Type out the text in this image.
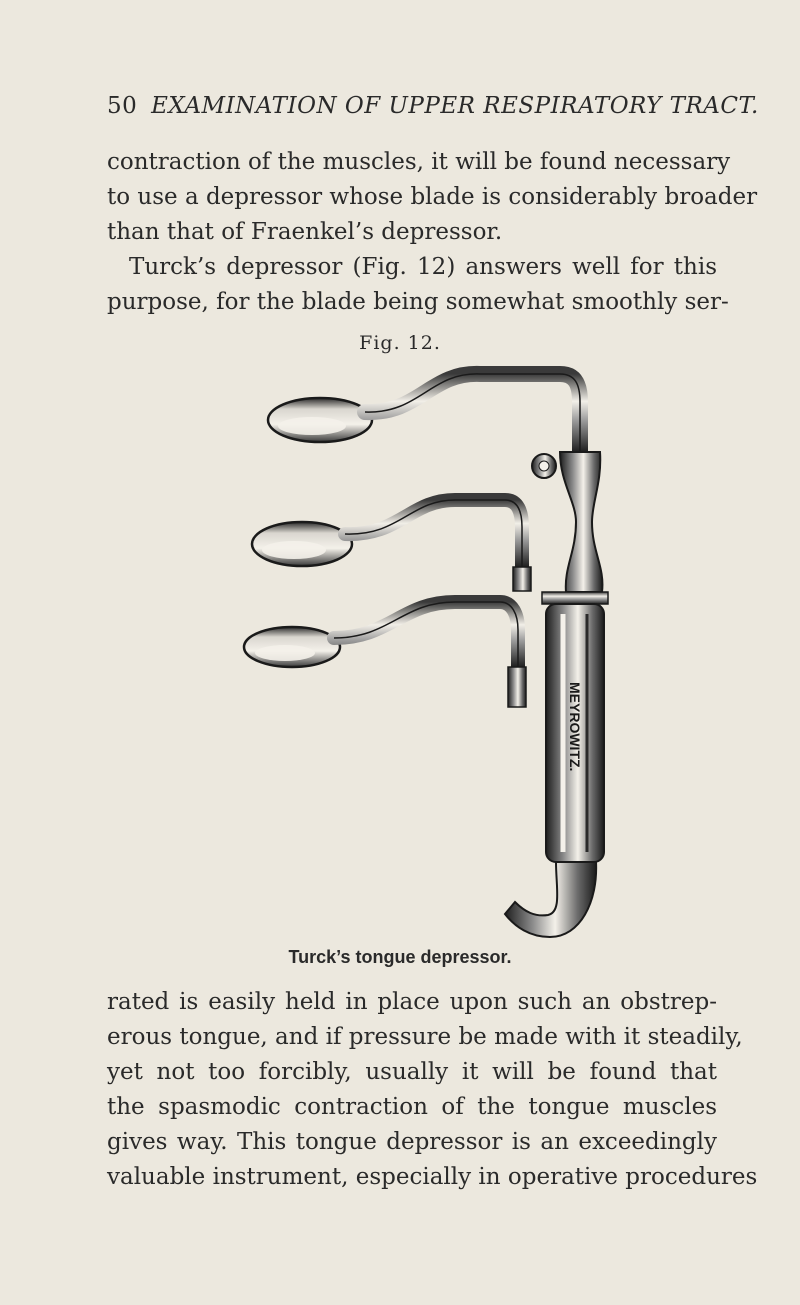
50 EXAMINATION OF UPPER RESPIRATORY TRACT.

contraction of the muscles, it will be found necessary

to use a depressor whose blade is considerably broader

than that of Fraenkel’s depressor.

Turck’s depressor (Fig. 12) answers well for this

purpose, for the blade being somewhat smoothly ser-

Fig. 12.
MEYROWITZ.
Turck’s tongue depressor.

rated is easily held in place upon such an obstrep-

erous tongue, and if pressure be made with it steadily,

yet not too forcibly, usually it will be found that

the spasmodic contraction of the tongue muscles

gives way. This tongue depressor is an exceedingly

valuable instrument, especially in operative procedures
